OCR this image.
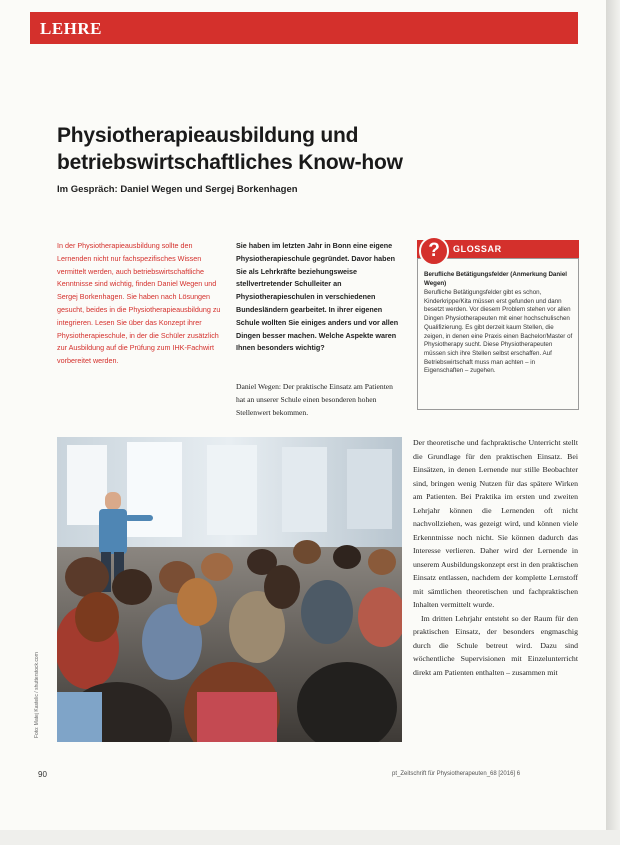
LEHRE
Physiotherapieausbildung und
betriebswirtschaftliches Know-how

Im Gespräch: Daniel Wegen und Sergej Borkenhagen

In der Physiotherapieausbildung sollte den Lernenden nicht nur fachspezifisches Wissen vermittelt werden, auch betriebswirtschaftliche Kenntnisse sind wichtig, finden Daniel Wegen und Sergej Borkenhagen. Sie haben nach Lösungen gesucht, beides in die Physiotherapieausbildung zu integrieren. Lesen Sie über das Konzept ihrer Physiotherapieschule, in der die Schüler zusätzlich zur Ausbildung auf die Prüfung zum IHK-Fachwirt vorbereitet werden.

Sie haben im letzten Jahr in Bonn eine eigene Physiotherapieschule gegründet. Davor haben Sie als Lehrkräfte beziehungsweise stellvertretender Schulleiter an Physiotherapieschulen in verschiedenen Bundesländern gearbeitet. In ihrer eigenen Schule wollten Sie einiges anders und vor allen Dingen besser machen. Welche Aspekte waren Ihnen besonders wichtig?

Daniel Wegen: Der praktische Einsatz am Patienten hat an unserer Schule einen besonderen hohen Stellenwert bekommen.

GLOSSAR

Berufliche Betätigungsfelder (Anmerkung Daniel Wegen)

Berufliche Betätigungsfelder gibt es schon, Kinderkrippe/Kita müssen erst gefunden und dann besetzt werden. Vor diesem Problem stehen vor allen Dingen Physiotherapeuten mit einer hochschulischen Qualifizierung. Es gibt derzeit kaum Stellen, die zeigen, in denen eine Praxis einen Bachelor/Master of Physiotherapy sucht. Diese Physiotherapeuten müssen sich ihre Stellen selbst erschaffen. Auf Betriebswirtschaft muss man achten – in Eigenschaften – zugehen.

?
Foto: Matej Kastelic / shutterstock.com

Der theoretische und fachpraktische Unterricht stellt die Grundlage für den praktischen Einsatz. Bei Einsätzen, in denen Lernende nur stille Beobachter sind, bringen wenig Nutzen für das spätere Wirken am Patienten. Bei Praktika im ersten und zweiten Lehrjahr können die Lernenden oft nicht nachvollziehen, was gezeigt wird, und können viele Erkenntnisse noch nicht. Sie können dadurch das Interesse verlieren. Daher wird der Lernende in unserem Ausbildungskonzept erst in den praktischen Einsatz entlassen, nachdem der komplette Lernstoff mit sämtlichen theoretischen und fachpraktischen Inhalten vermittelt wurde.

Im dritten Lehrjahr entsteht so der Raum für den praktischen Einsatz, der besonders engmaschig durch die Schule betreut wird. Dazu sind wöchentliche Supervisionen mit Einzelunterricht direkt am Patienten enthalten – zusammen mit

90	pt_Zeitschrift für Physiotherapeuten_68 [2016] 6
